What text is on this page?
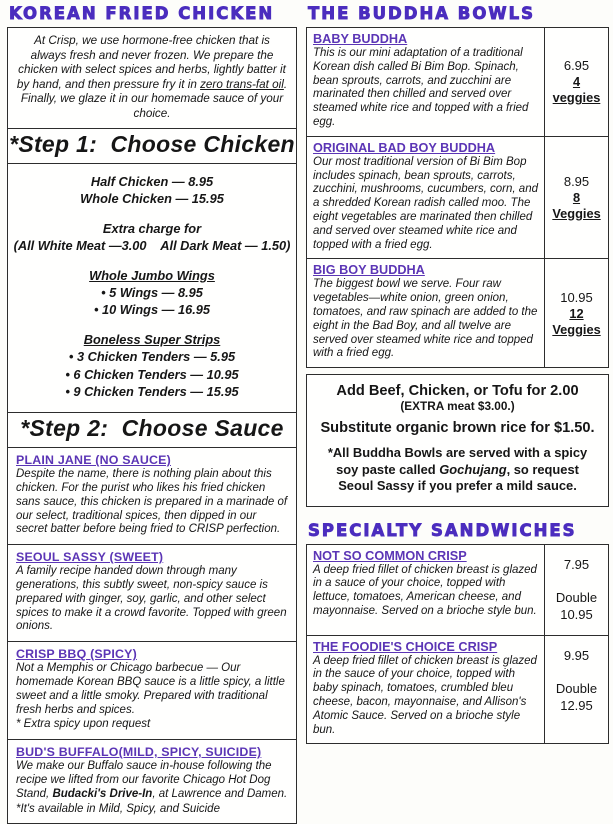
KOREAN FRIED CHICKEN
At Crisp, we use hormone-free chicken that is always fresh and never frozen. We prepare the chicken with select spices and herbs, lightly batter it by hand, and then pressure fry it in zero trans-fat oil.
Finally, we glaze it in our homemade sauce of your choice.
*Step 1:  Choose Chicken
Half Chicken — 8.95
Whole Chicken — 15.95
Extra charge for
(All White Meat —3.00    All Dark Meat — 1.50)
Whole Jumbo Wings
• 5 Wings — 8.95
• 10 Wings — 16.95
Boneless Super Strips
• 3 Chicken Tenders — 5.95
• 6 Chicken Tenders — 10.95
• 9 Chicken Tenders — 15.95
*Step 2:  Choose Sauce
PLAIN JANE (NO SAUCE)
Despite the name, there is nothing plain about this chicken. For the purist who likes his fried chicken sans sauce, this chicken is prepared in a marinade of our select, traditional spices, then dipped in our secret batter before being fried to CRISP perfection.
SEOUL SASSY (SWEET)
A family recipe handed down through many generations, this subtly sweet, non-spicy sauce is prepared with ginger, soy, garlic, and other select spices to make it a crowd favorite. Topped with green onions.
CRISP BBQ (SPICY)
Not a Memphis or Chicago barbecue — Our homemade Korean BBQ sauce is a little spicy, a little sweet and a little smoky. Prepared with traditional fresh herbs and spices.
* Extra spicy upon request
BUD'S BUFFALO(MILD, SPICY, SUICIDE)
We make our Buffalo sauce in-house following the recipe we lifted from our favorite Chicago Hot Dog Stand, Budacki's Drive-In, at Lawrence and Damen.
*It's available in Mild, Spicy, and Suicide
THE BUDDHA BOWLS
BABY BUDDHA
This is our mini adaptation of a traditional Korean dish called Bi Bim Bop. Spinach, bean sprouts, carrots, and zucchini are marinated then chilled and served over steamed white rice and topped with a fried egg.
6.95
4
veggies
ORIGINAL BAD BOY BUDDHA
Our most traditional version of Bi Bim Bop includes spinach, bean sprouts, carrots, zucchini, mushrooms, cucumbers, corn, and a shredded Korean radish called moo. The eight vegetables are marinated then chilled and served over steamed white rice and topped with a fried egg.
8.95
8
Veggies
BIG BOY BUDDHA
The biggest bowl we serve. Four raw vegetables—white onion, green onion, tomatoes, and raw spinach are added to the eight in the Bad Boy, and all twelve are served over steamed white rice and topped with a fried egg.
10.95
12
Veggies
Add Beef, Chicken, or Tofu for 2.00
(EXTRA meat $3.00.)
Substitute organic brown rice for $1.50.
*All Buddha Bowls are served with a spicy soy paste called Gochujang, so request Seoul Sassy if you prefer a mild sauce.
SPECIALTY SANDWICHES
NOT SO COMMON CRISP
A deep fried fillet of chicken breast is glazed in a sauce of your choice, topped with lettuce, tomatoes, American cheese, and mayonnaise. Served on a brioche style bun.
7.95
Double
10.95
THE FOODIE'S CHOICE CRISP
A deep fried fillet of chicken breast is glazed in the sauce of your choice, topped with baby spinach, tomatoes, crumbled bleu cheese, bacon, mayonnaise, and Allison's Atomic Sauce. Served on a brioche style bun.
9.95
Double
12.95
